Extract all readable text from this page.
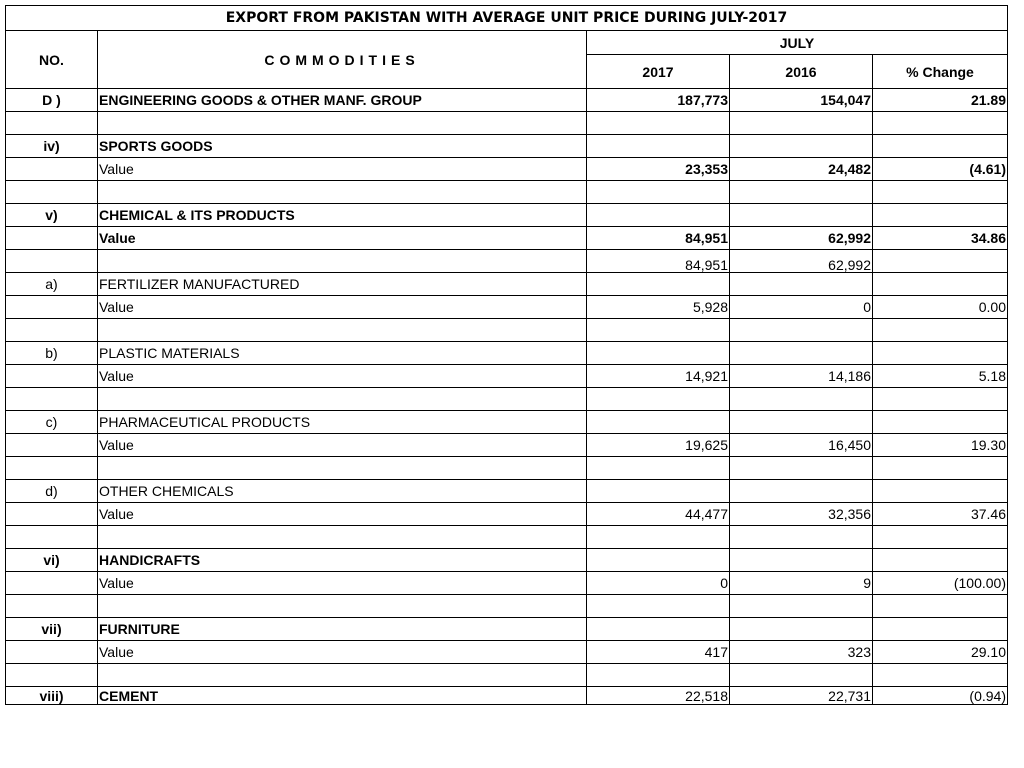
EXPORT FROM PAKISTAN WITH AVERAGE UNIT PRICE DURING JULY-2017				
NO.	COMMODITIES	JULY		
		2017	2016	% Change
D )	ENGINEERING GOODS & OTHER MANF. GROUP	187,773	154,047	21.89

iv)	SPORTS GOODS			
	Value	23,353	24,482	(4.61)

v)	CHEMICAL & ITS PRODUCTS			
	Value	84,951	62,992	34.86
		84,951	62,992	
a)	FERTILIZER MANUFACTURED			
	Value	5,928	0	0.00

b)	PLASTIC MATERIALS			
	Value	14,921	14,186	5.18

c)	PHARMACEUTICAL PRODUCTS			
	Value	19,625	16,450	19.30

d)	OTHER CHEMICALS			
	Value	44,477	32,356	37.46

vi)	HANDICRAFTS			
	Value	0	9	(100.00)

vii)	FURNITURE			
	Value	417	323	29.10

viii)	CEMENT	22,518	22,731	(0.94)
